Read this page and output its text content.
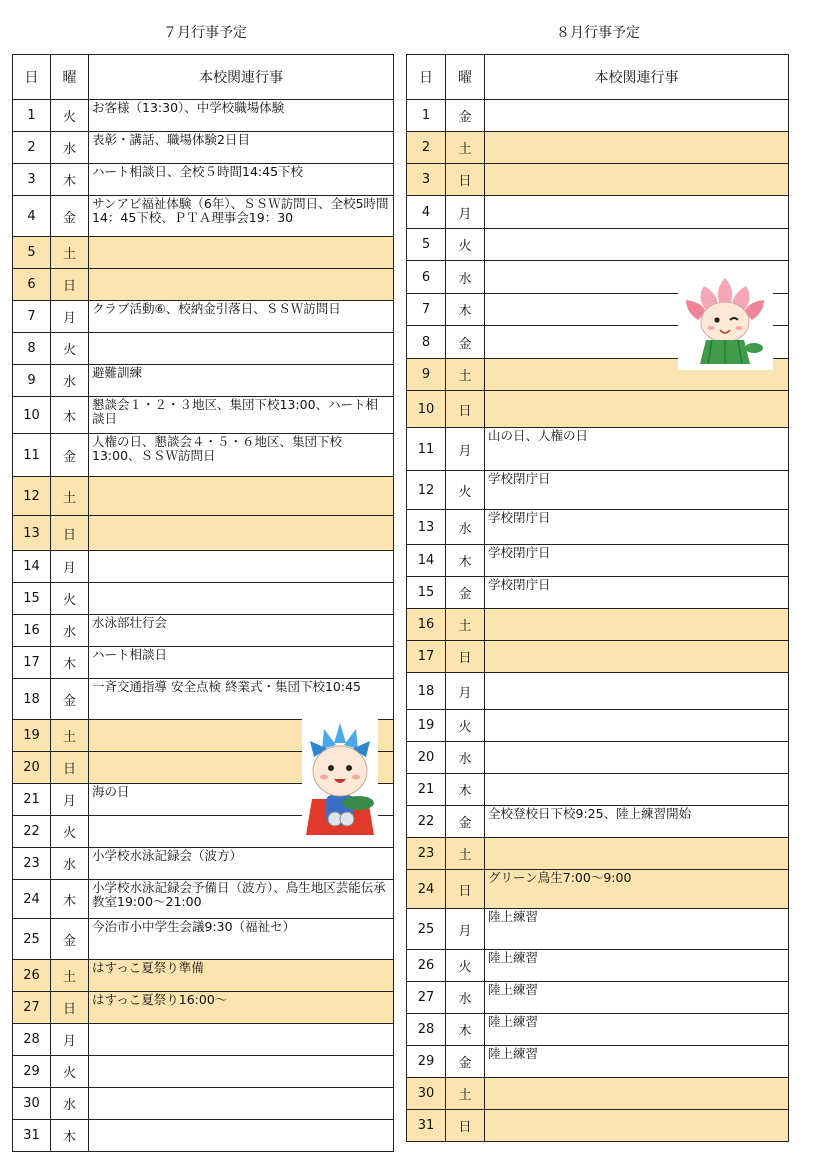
７月行事予定
日	曜	本校関連行事
1	火	お客様（13:30）、中学校職場体験
2	水	表彰・講話、職場体験2日目
3	木	ハート相談日、全校５時間14:45下校
4	金	サンアビ福祉体験（6年）、ＳＳＷ訪問日、全校5時間14：45下校、ＰＴＡ理事会19：30
5	土	
6	日	
7	月	クラブ活動⑥、校納金引落日、ＳＳＷ訪問日
8	火	
9	水	避難訓練
10	木	懇談会１・２・３地区、集団下校13:00、ハート相談日
11	金	人権の日、懇談会４・５・６地区、集団下校13:00、ＳＳＷ訪問日
12	土	
13	日	
14	月	
15	火	
16	水	水泳部壮行会
17	木	ハート相談日
18	金	一斉交通指導 安全点検 終業式・集団下校10:45
19	土	
20	日	
21	月	海の日
22	火	
23	水	小学校水泳記録会（波方）
24	木	小学校水泳記録会予備日（波方）、鳥生地区芸能伝承教室19:00～21:00
25	金	今治市小中学生会議9:30（福祉セ）
26	土	はすっこ夏祭り準備
27	日	はすっこ夏祭り16:00～
28	月	
29	火	
30	水	
31	木	
８月行事予定
日	曜	本校関連行事
1	金	
2	土	
3	日	
4	月	
5	火	
6	水	
7	木	
8	金	
9	土	
10	日	
11	月	山の日、人権の日
12	火	学校閉庁日
13	水	学校閉庁日
14	木	学校閉庁日
15	金	学校閉庁日
16	土	
17	日	
18	月	
19	火	
20	水	
21	木	
22	金	全校登校日下校9:25、陸上練習開始
23	土	
24	日	グリーン鳥生7:00～9:00
25	月	陸上練習
26	火	陸上練習
27	水	陸上練習
28	木	陸上練習
29	金	陸上練習
30	土	
31	日	
